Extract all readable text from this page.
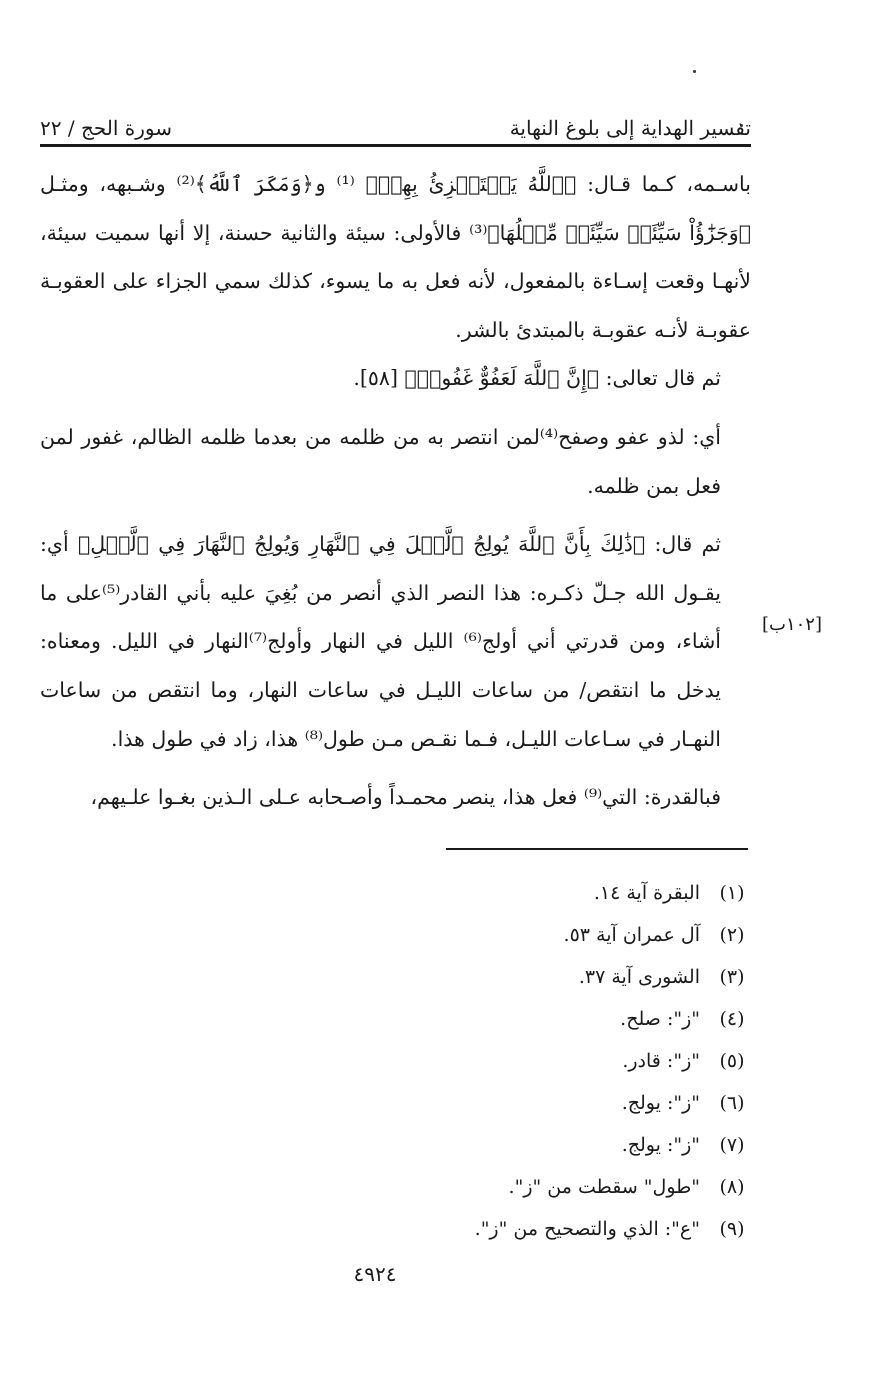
تفسير الهداية إلى بلوغ النهاية
سورة الحج / ٢٢

باسـمه، كـما قـال: ﴿ٱللَّهُ يَسۡتَهۡزِئُ بِهِمۡ﴾ ⁽¹⁾ و﴿وَمَكَرَ ٱللَّهُ﴾⁽²⁾ وشـبهه، ومثـل ﴿وَجَزَٰٓؤُاْ سَيِّئَةٖ سَيِّئَةٞ مِّثۡلُهَا﴾⁽³⁾ فالأولى: سيئة والثانية حسنة، إلا أنها سميت سيئة، لأنهـا وقعت إسـاءة بالمفعول، لأنه فعل به ما يسوء، كذلك سمي الجزاء على العقوبـة عقوبـة لأنـه عقوبـة بالمبتدئ بالشر.

ثم قال تعالى: ﴿إِنَّ ٱللَّهَ لَعَفُوٌّ غَفُورٞ﴾ [٥٨].

أي: لذو عفو وصفح⁽⁴⁾لمن انتصر به من ظلمه من بعدما ظلمه الظالم، غفور لمن فعل بمن ظلمه.

ثم قال: ﴿ذَٰلِكَ بِأَنَّ ٱللَّهَ يُولِجُ ٱلَّيۡلَ فِي ٱلنَّهَارِ وَيُولِجُ ٱلنَّهَارَ فِي ٱلَّيۡلِ﴾ أي: يقـول الله جـلّ ذكـره: هذا النصر الذي أنصر من بُغِيَ عليه بأني القادر⁽⁵⁾على ما أشاء، ومن قدرتي أني أولج⁽⁶⁾ الليل في النهار وأولج⁽⁷⁾النهار في الليل. ومعناه: يدخل ما انتقص/ من ساعات الليـل في ساعات النهار، وما انتقص من ساعات النهـار في سـاعات الليـل، فـما نقـص مـن طول⁽⁸⁾ هذا، زاد في طول هذا.

فبالقدرة: التي⁽⁹⁾ فعل هذا، ينصر محمـداً وأصـحابه عـلى الـذين بغـوا علـيهم،

[١٠٢ب]
(١)
البقرة آية ١٤.
(٢)
آل عمران آية ٥٣.
(٣)
الشورى آية ٣٧.
(٤)
"ز": صلح.
(٥)
"ز": قادر.
(٦)
"ز": يولج.
(٧)
"ز": يولج.
(٨)
"طول" سقطت من "ز".
(٩)
"ع": الذي والتصحيح من "ز".
٤٩٢٤
